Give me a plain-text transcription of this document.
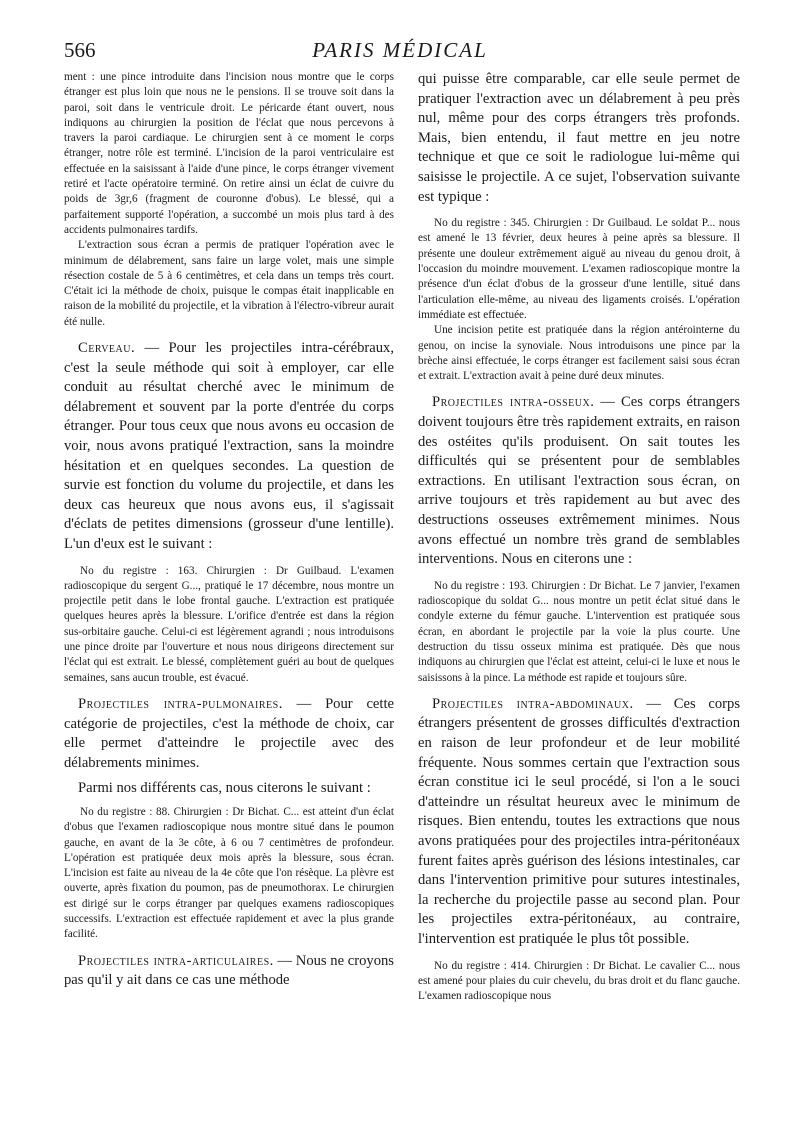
566	PARIS MÉDICAL

ment : une pince introduite dans l'incision nous montre que le corps étranger est plus loin que nous ne le pensions. Il se trouve soit dans la paroi, soit dans le ventricule droit. Le péricarde étant ouvert, nous indiquons au chirurgien la position de l'éclat que nous percevons à travers la paroi cardiaque. Le chirurgien sent à ce moment le corps étranger, notre rôle est terminé. L'incision de la paroi ventriculaire est effectuée en la saisissant à l'aide d'une pince, le corps étranger vivement retiré et l'acte opératoire terminé. On retire ainsi un éclat de cuivre du poids de 3gr,6 (fragment de couronne d'obus). Le blessé, qui a parfaitement supporté l'opération, a succombé un mois plus tard à des accidents pulmonaires tardifs.

L'extraction sous écran a permis de pratiquer l'opération avec le minimum de délabrement, sans faire un large volet, mais une simple résection costale de 5 à 6 centimètres, et cela dans un temps très court. C'était ici la méthode de choix, puisque le compas était inapplicable en raison de la mobilité du projectile, et la vibration à l'électro-vibreur aurait été nulle.

Cerveau. — Pour les projectiles intra-cérébraux, c'est la seule méthode qui soit à employer, car elle conduit au résultat cherché avec le minimum de délabrement et souvent par la porte d'entrée du corps étranger. Pour tous ceux que nous avons eu occasion de voir, nous avons pratiqué l'extraction, sans la moindre hésitation et en quelques secondes. La question de survie est fonction du volume du projectile, et dans les deux cas heureux que nous avons eus, il s'agissait d'éclats de petites dimensions (grosseur d'une lentille). L'un d'eux est le suivant :

No du registre : 163. Chirurgien : Dr Guilbaud. L'examen radioscopique du sergent G..., pratiqué le 17 décembre, nous montre un projectile petit dans le lobe frontal gauche. L'extraction est pratiquée quelques heures après la blessure. L'orifice d'entrée est dans la région sus-orbitaire gauche. Celui-ci est légèrement agrandi ; nous introduisons une pince droite par l'ouverture et nous nous dirigeons directement sur l'éclat qui est extrait. Le blessé, complètement guéri au bout de quelques semaines, sans aucun trouble, est évacué.

Projectiles intra-pulmonaires. — Pour cette catégorie de projectiles, c'est la méthode de choix, car elle permet d'atteindre le projectile avec des délabrements minimes.

Parmi nos différents cas, nous citerons le suivant :

No du registre : 88. Chirurgien : Dr Bichat. C... est atteint d'un éclat d'obus que l'examen radioscopique nous montre situé dans le poumon gauche, en avant de la 3e côte, à 6 ou 7 centimètres de profondeur. L'opération est pratiquée deux mois après la blessure, sous écran. L'incision est faite au niveau de la 4e côte que l'on résèque. La plèvre est ouverte, après fixation du poumon, pas de pneumothorax. Le chirurgien est dirigé sur le corps étranger par quelques examens radioscopiques successifs. L'extraction est effectuée rapidement et avec la plus grande facilité.

Projectiles intra-articulaires. — Nous ne croyons pas qu'il y ait dans ce cas une méthode

qui puisse être comparable, car elle seule permet de pratiquer l'extraction avec un délabrement à peu près nul, même pour des corps étrangers très profonds. Mais, bien entendu, il faut mettre en jeu notre technique et que ce soit le radiologue lui-même qui saisisse le projectile. A ce sujet, l'observation suivante est typique :

No du registre : 345. Chirurgien : Dr Guilbaud. Le soldat P... nous est amené le 13 février, deux heures à peine après sa blessure. Il présente une douleur extrêmement aiguë au niveau du genou droit, à l'occasion du moindre mouvement. L'examen radioscopique montre la présence d'un éclat d'obus de la grosseur d'une lentille, situé dans l'articulation elle-même, au niveau des ligaments croisés. L'opération immédiate est effectuée.

Une incision petite est pratiquée dans la région antérointerne du genou, on incise la synoviale. Nous introduisons une pince par la brèche ainsi effectuée, le corps étranger est facilement saisi sous écran et extrait. L'extraction avait à peine duré deux minutes.

Projectiles intra-osseux. — Ces corps étrangers doivent toujours être très rapidement extraits, en raison des ostéites qu'ils produisent. On sait toutes les difficultés qui se présentent pour de semblables extractions. En utilisant l'extraction sous écran, on arrive toujours et très rapidement au but avec des destructions osseuses extrêmement minimes. Nous avons effectué un nombre très grand de semblables interventions. Nous en citerons une :

No du registre : 193. Chirurgien : Dr Bichat. Le 7 janvier, l'examen radioscopique du soldat G... nous montre un petit éclat situé dans le condyle externe du fémur gauche. L'intervention est pratiquée sous écran, en abordant le projectile par la voie la plus courte. Une destruction du tissu osseux minima est pratiquée. Dès que nous indiquons au chirurgien que l'éclat est atteint, celui-ci le luxe et nous le saisissons à la pince. La méthode est rapide et toujours sûre.

Projectiles intra-abdominaux. — Ces corps étrangers présentent de grosses difficultés d'extraction en raison de leur profondeur et de leur mobilité fréquente. Nous sommes certain que l'extraction sous écran constitue ici le seul procédé, si l'on a le souci d'atteindre un résultat heureux avec le minimum de risques. Bien entendu, toutes les extractions que nous avons pratiquées pour des projectiles intra-péritonéaux furent faites après guérison des lésions intestinales, car dans l'intervention primitive pour sutures intestinales, la recherche du projectile passe au second plan. Pour les projectiles extra-péritonéaux, au contraire, l'intervention est pratiquée le plus tôt possible.

No du registre : 414. Chirurgien : Dr Bichat. Le cavalier C... nous est amené pour plaies du cuir chevelu, du bras droit et du flanc gauche. L'examen radioscopique nous
